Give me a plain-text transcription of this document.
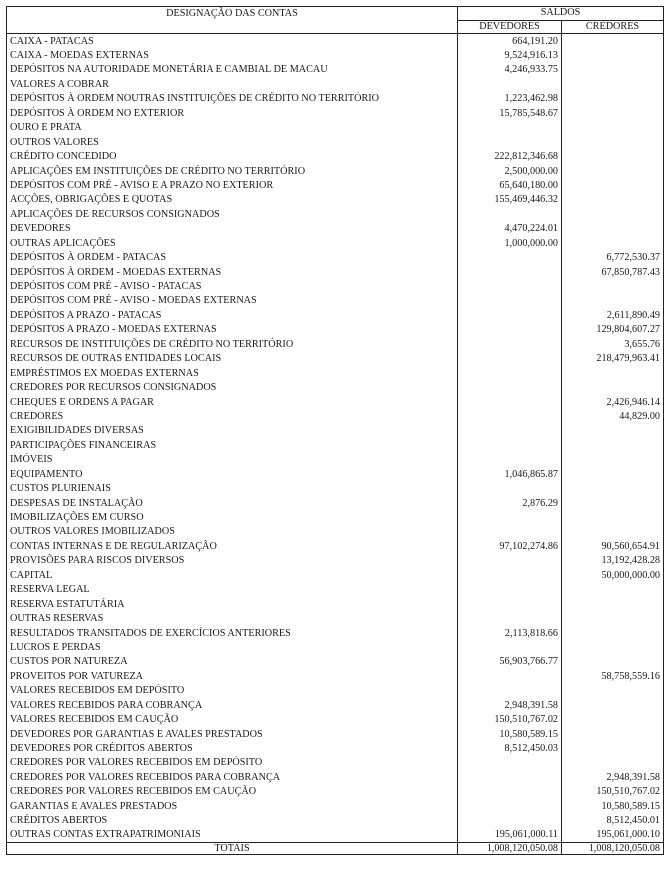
DESIGNAÇÃO DAS CONTAS	SALDOS	
	DEVEDORES	CREDORES
CAIXA - PATACAS	664,191.20	
CAIXA - MOEDAS EXTERNAS	9,524,916.13	
DEPÓSITOS NA AUTORIDADE MONETÁRIA E CAMBIAL DE MACAU	4,246,933.75	
VALORES A COBRAR		
DEPÓSITOS À ORDEM NOUTRAS INSTITUIÇÕES DE CRÉDITO NO TERRITÓRIO	1,223,462.98	
DEPÓSITOS À ORDEM NO EXTERIOR	15,785,548.67	
OURO E PRATA		
OUTROS VALORES		
CRÉDITO CONCEDIDO	222,812,346.68	
APLICAÇÕES EM INSTITUIÇÕES DE CRÉDITO NO TERRITÓRIO	2,500,000.00	
DEPÓSITOS COM PRÉ - AVISO E A PRAZO NO EXTERIOR	65,640,180.00	
ACÇÕES, OBRIGAÇÕES E QUOTAS	155,469,446.32	
APLICAÇÕES DE RECURSOS CONSIGNADOS		
DEVEDORES	4,470,224.01	
OUTRAS APLICAÇÕES	1,000,000.00	
DEPÓSITOS À ORDEM - PATACAS		6,772,530.37
DEPÓSITOS À ORDEM - MOEDAS EXTERNAS		67,850,787.43
DEPÓSITOS COM PRÉ - AVISO - PATACAS		
DEPÓSITOS COM PRÉ - AVISO - MOEDAS EXTERNAS		
DEPÓSITOS A PRAZO - PATACAS		2,611,890.49
DEPÓSITOS A PRAZO - MOEDAS EXTERNAS		129,804,607.27
RECURSOS DE INSTITUIÇÕES DE CRÉDITO NO TERRITÓRIO		3,655.76
RECURSOS DE OUTRAS ENTIDADES LOCAIS		218,479,963.41
EMPRÉSTIMOS EX MOEDAS EXTERNAS		
CREDORES POR RECURSOS CONSIGNADOS		
CHEQUES E ORDENS A PAGAR		2,426,946.14
CREDORES		44,829.00
EXIGIBILIDADES DIVERSAS		
PARTICIPAÇÕES FINANCEIRAS		
IMÓVEIS		
EQUIPAMENTO	1,046,865.87	
CUSTOS PLURIENAIS		
DESPESAS DE INSTALAÇÃO	2,876.29	
IMOBILIZAÇÕES EM CURSO		
OUTROS VALORES IMOBILIZADOS		
CONTAS INTERNAS E DE REGULARIZAÇÃO	97,102,274.86	90,560,654.91
PROVISÕES PARA RISCOS DIVERSOS		13,192,428.28
CAPITAL		50,000,000.00
RESERVA LEGAL		
RESERVA ESTATUTÁRIA		
OUTRAS RESERVAS		
RESULTADOS TRANSITADOS DE EXERCÍCIOS ANTERIORES	2,113,818.66	
LUCROS E PERDAS		
CUSTOS POR NATUREZA	56,903,766.77	
PROVEITOS POR VATUREZA		58,758,559.16
VALORES RECEBIDOS EM DEPÓSITO		
VALORES RECEBIDOS PARA COBRANÇA	2,948,391.58	
VALORES RECEBIDOS EM CAUÇÃO	150,510,767.02	
DEVEDORES POR GARANTIAS E AVALES PRESTADOS	10,580,589.15	
DEVEDORES POR CRÉDITOS ABERTOS	8,512,450.03	
CREDORES POR VALORES RECEBIDOS EM DEPÓSITO		
CREDORES POR VALORES RECEBIDOS PARA COBRANÇA		2,948,391.58
CREDORES POR VALORES RECEBIDOS EM CAUÇÃO		150,510,767.02
GARANTIAS E AVALES PRESTADOS		10,580,589.15
CRÉDITOS ABERTOS		8,512,450.01
OUTRAS CONTAS EXTRAPATRIMONIAIS	195,061,000.11	195,061,000.10
TOTAIS	1,008,120,050.08	1,008,120,050.08
